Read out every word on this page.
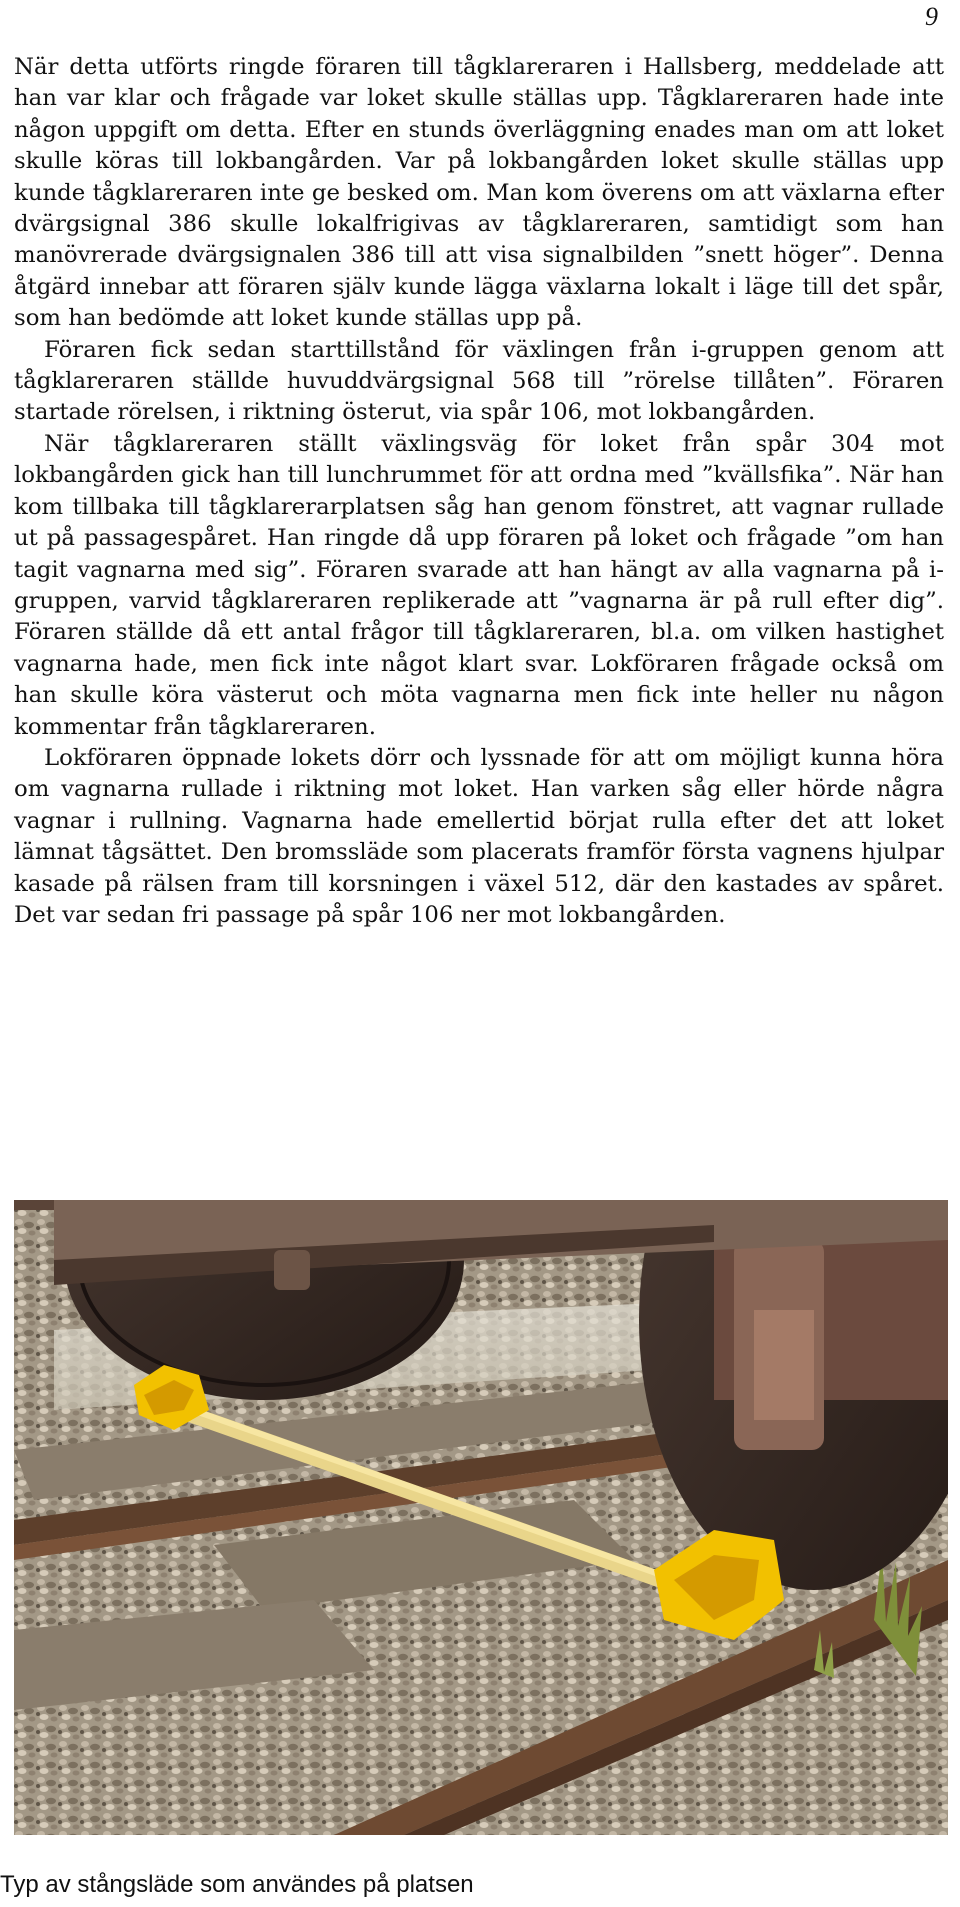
9

När detta utförts ringde föraren till tågklareraren i Hallsberg, meddelade att han var klar och frågade var loket skulle ställas upp. Tågklareraren hade inte någon uppgift om detta. Efter en stunds överläggning enades man om att loket skulle köras till lokbangården. Var på lokbangården loket skulle ställas upp kunde tågklareraren inte ge besked om. Man kom överens om att växlarna efter dvärgsignal 386 skulle lokalfrigivas av tågklareraren, samtidigt som han manövrerade dvärgsignalen 386 till att visa signalbilden ”snett höger”. Denna åtgärd innebar att föraren själv kunde lägga växlarna lokalt i läge till det spår, som han bedömde att loket kunde ställas upp på.

Föraren fick sedan starttillstånd för växlingen från i-gruppen genom att tågklareraren ställde huvuddvärgsignal 568 till ”rörelse tillåten”. Föraren startade rörelsen, i riktning österut, via spår 106, mot lokbangården.

När tågklareraren ställt växlingsväg för loket från spår 304 mot lokbangården gick han till lunchrummet för att ordna med ”kvällsfika”. När han kom tillbaka till tågklarerarplatsen såg han genom fönstret, att vagnar rullade ut på passagespåret. Han ringde då upp föraren på loket och frågade ”om han tagit vagnarna med sig”. Föraren svarade att han hängt av alla vagnarna på i-gruppen, varvid tågklareraren replikerade att ”vagnarna är på rull efter dig”. Föraren ställde då ett antal frågor till tågklareraren, bl.a. om vilken hastighet vagnarna hade, men fick inte något klart svar. Lokföraren frågade också om han skulle köra västerut och möta vagnarna men fick inte heller nu någon kommentar från tågklareraren.

Lokföraren öppnade lokets dörr och lyssnade för att om möjligt kunna höra om vagnarna rullade i riktning mot loket. Han varken såg eller hörde några vagnar i rullning. Vagnarna hade emellertid börjat rulla efter det att loket lämnat tågsättet. Den bromssläde som placerats framför första vagnens hjulpar kasade på rälsen fram till korsningen i växel 512, där den kastades av spåret. Det var sedan fri passage på spår 106 ner mot lokbangården.

Typ av stångsläde som användes på platsen
